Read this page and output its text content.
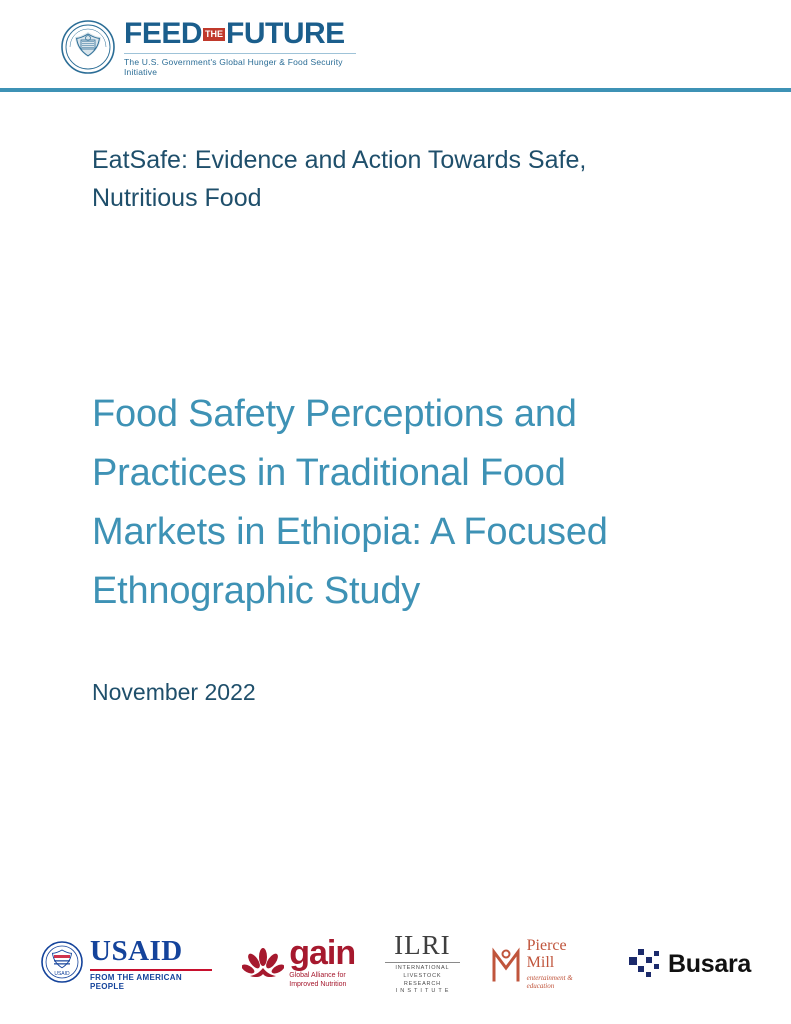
FEED THE FUTURE
The U.S. Government's Global Hunger & Food Security Initiative
EatSafe: Evidence and Action Towards Safe, Nutritious Food
Food Safety Perceptions and Practices in Traditional Food Markets in Ethiopia: A Focused Ethnographic Study
November 2022
USAID
USAID
FROM THE AMERICAN PEOPLE
gain
Global Alliance for
Improved Nutrition
ILRI
INTERNATIONAL
LIVESTOCK RESEARCH
I N S T I T U T E
Pierce
Mill
entertainment & education
Busara
